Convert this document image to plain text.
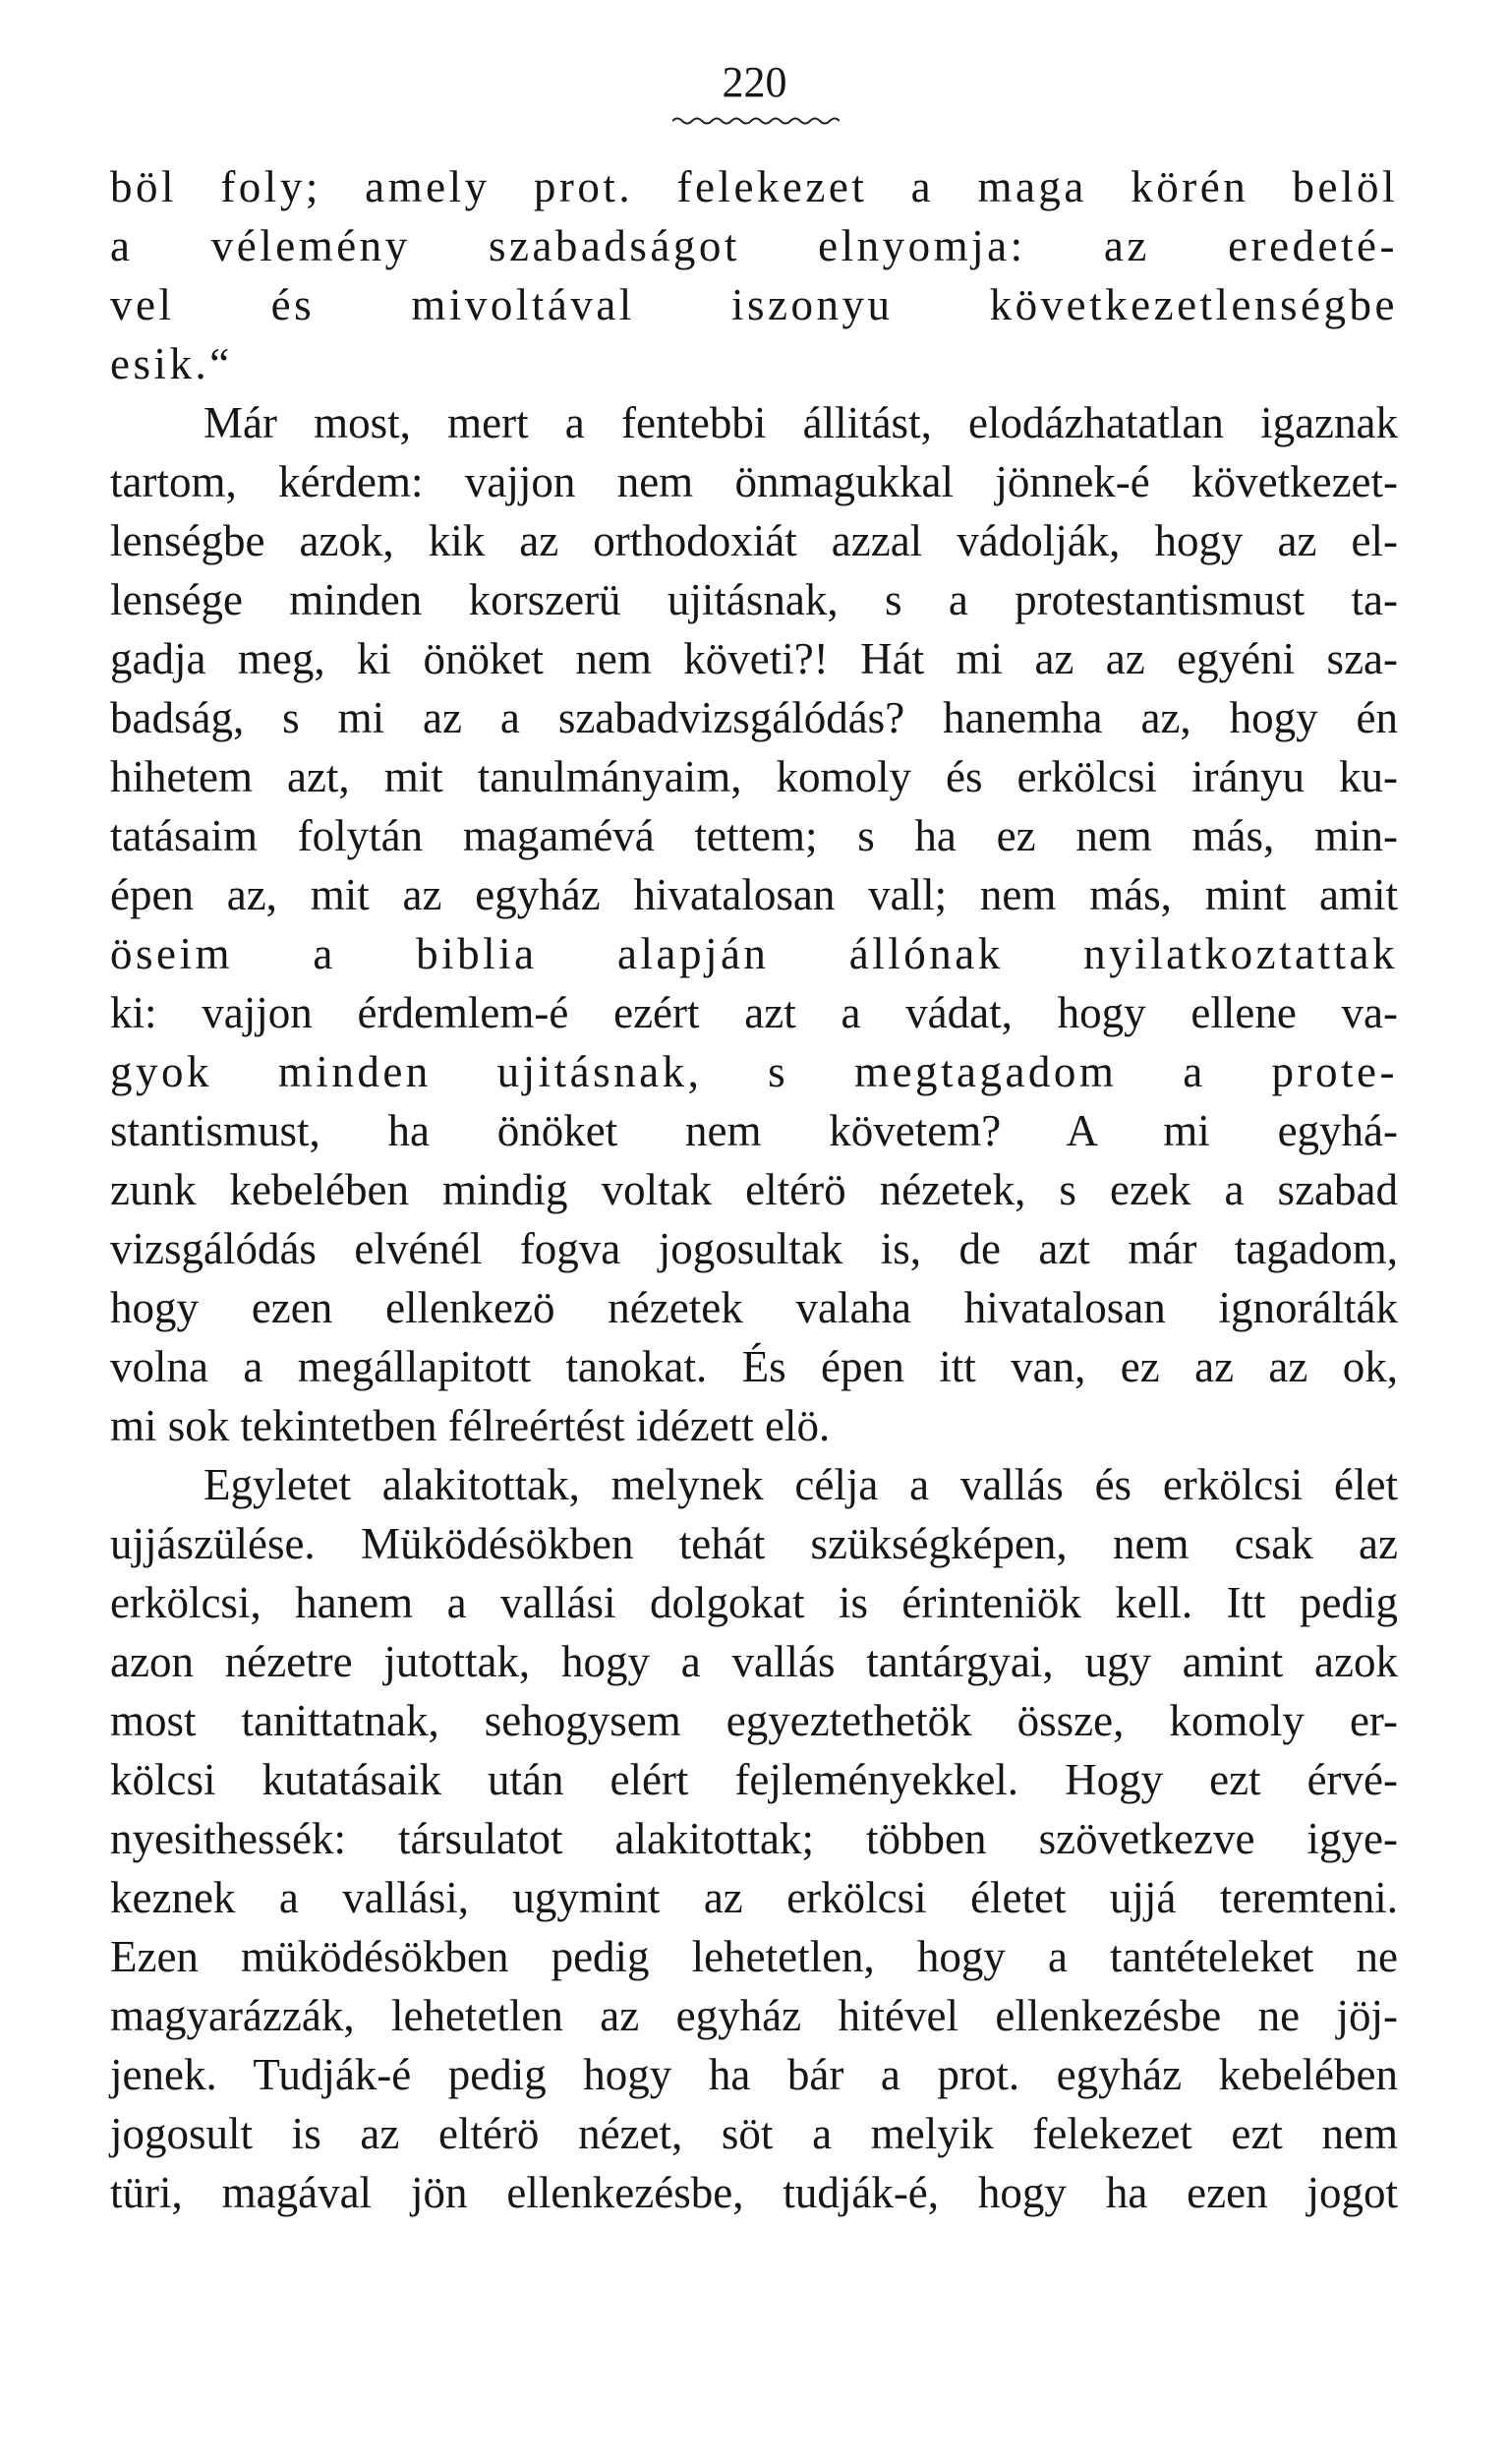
220
böl foly; amely prot. felekezet a maga körén belöl
a vélemény szabadságot elnyomja: az eredeté-
vel és mivoltával iszonyu következetlenségbe
esik.“
Már most, mert a fentebbi állitást, elodázhatatlan igaznak
tartom, kérdem: vajjon nem önmagukkal jönnek-é következet-
lenségbe azok, kik az orthodoxiát azzal vádolják, hogy az el-
lensége minden korszerü ujitásnak, s a protestantismust ta-
gadja meg, ki önöket nem követi?! Hát mi az az egyéni sza-
badság, s mi az a szabadvizsgálódás? hanemha az, hogy én
hihetem azt, mit tanulmányaim, komoly és erkölcsi irányu ku-
tatásaim folytán magamévá tettem; s ha ez nem más, min-
épen az, mit az egyház hivatalosan vall; nem más, mint amit
öseim a biblia alapján állónak nyilatkoztattak
ki: vajjon érdemlem-é ezért azt a vádat, hogy ellene va-
gyok minden ujitásnak, s megtagadom a prote-
stantismust, ha önöket nem követem? A mi egyhá-
zunk kebelében mindig voltak eltérö nézetek, s ezek a szabad
vizsgálódás elvénél fogva jogosultak is, de azt már tagadom,
hogy ezen ellenkezö nézetek valaha hivatalosan ignorálták
volna a megállapitott tanokat. És épen itt van, ez az az ok,
mi sok tekintetben félreértést idézett elö.
Egyletet alakitottak, melynek célja a vallás és erkölcsi élet
ujjászülése. Müködésökben tehát szükségképen, nem csak az
erkölcsi, hanem a vallási dolgokat is érinteniök kell. Itt pedig
azon nézetre jutottak, hogy a vallás tantárgyai, ugy amint azok
most tanittatnak, sehogysem egyeztethetök össze, komoly er-
kölcsi kutatásaik után elért fejleményekkel. Hogy ezt érvé-
nyesithessék: társulatot alakitottak; többen szövetkezve igye-
keznek a vallási, ugymint az erkölcsi életet ujjá teremteni.
Ezen müködésökben pedig lehetetlen, hogy a tantételeket ne
magyarázzák, lehetetlen az egyház hitével ellenkezésbe ne jöj-
jenek. Tudják-é pedig hogy ha bár a prot. egyház kebelében
jogosult is az eltérö nézet, söt a melyik felekezet ezt nem
türi, magával jön ellenkezésbe, tudják-é, hogy ha ezen jogot
